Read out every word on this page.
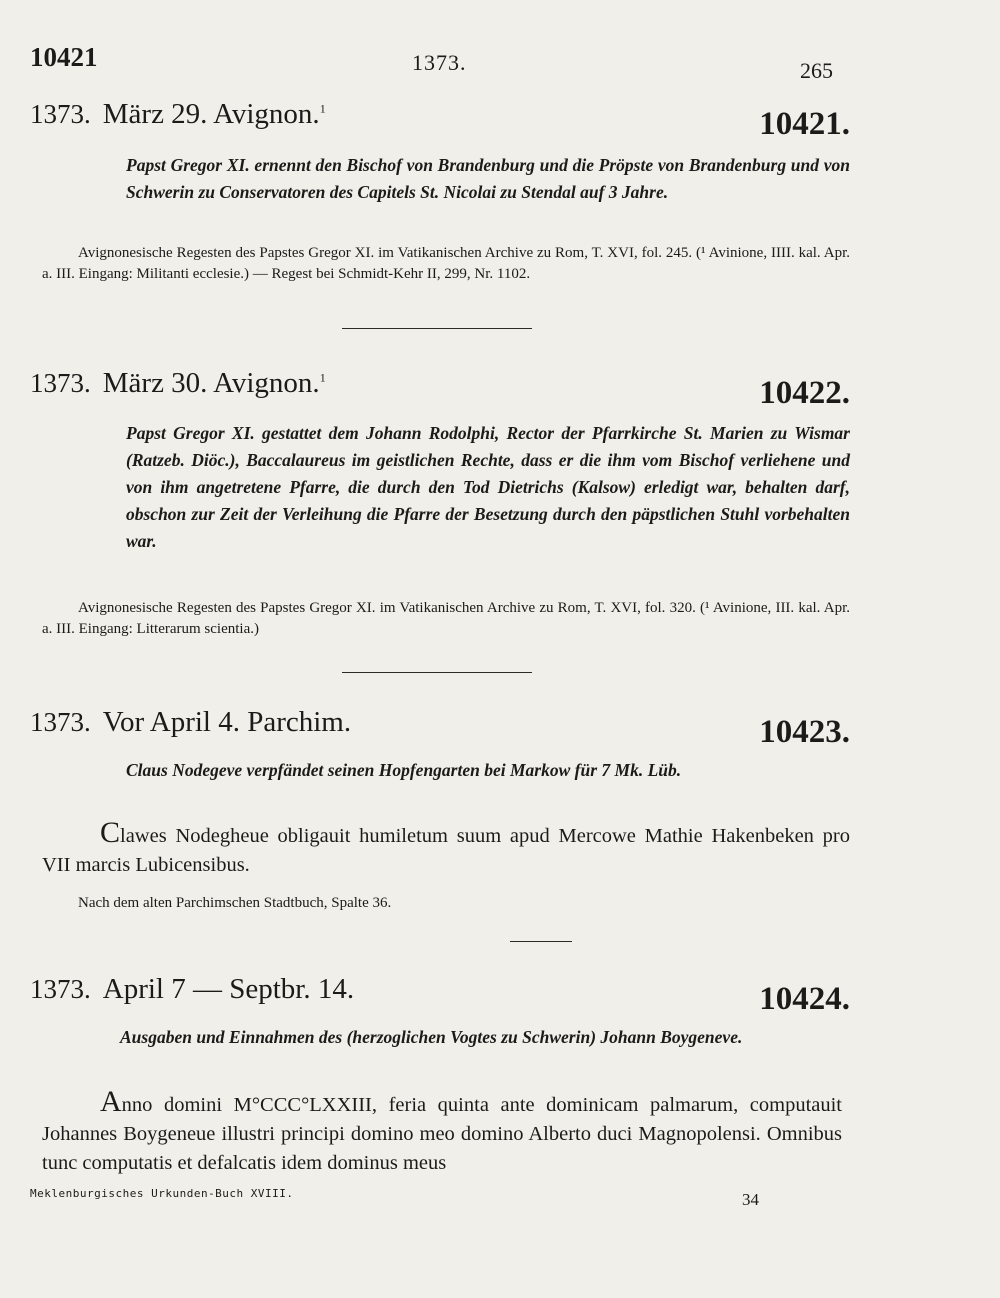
10421	1373.	265
1373. März 29. Avignon.$^1$	10421.
Papst Gregor XI. ernennt den Bischof von Brandenburg und die Pröpste von Brandenburg und von Schwerin zu Conservatoren des Capitels St. Nicolai zu Stendal auf 3 Jahre.
Avignonesische Regesten des Papstes Gregor XI. im Vatikanischen Archive zu Rom, T. XVI, fol. 245. (¹ Avinione, IIII. kal. Apr. a. III. Eingang: Militanti ecclesie.) — Regest bei Schmidt-Kehr II, 299, Nr. 1102.
1373. März 30. Avignon.$^1$	10422.
Papst Gregor XI. gestattet dem Johann Rodolphi, Rector der Pfarrkirche St. Marien zu Wismar (Ratzeb. Diöc.), Baccalaureus im geistlichen Rechte, dass er die ihm vom Bischof verliehene und von ihm angetretene Pfarre, die durch den Tod Dietrichs (Kalsow) erledigt war, behalten darf, obschon zur Zeit der Verleihung die Pfarre der Besetzung durch den päpstlichen Stuhl vorbehalten war.
Avignonesische Regesten des Papstes Gregor XI. im Vatikanischen Archive zu Rom, T. XVI, fol. 320. (¹ Avinione, III. kal. Apr. a. III. Eingang: Litterarum scientia.)
1373. Vor April 4. Parchim.	10423.
Claus Nodegeve verpfändet seinen Hopfengarten bei Markow für 7 Mk. Lüb.
Clawes Nodegheue obligauit humiletum suum apud Mercowe Mathie Hakenbeken pro VII marcis Lubicensibus.
Nach dem alten Parchimschen Stadtbuch, Spalte 36.
1373. April 7 — Septbr. 14.	10424.
Ausgaben und Einnahmen des (herzoglichen Vogtes zu Schwerin) Johann Boygeneve.
Anno domini M°CCC°LXXIII, feria quinta ante dominicam palmarum, computauit Johannes Boygeneue illustri principi domino meo domino Alberto duci Magnopolensi. Omnibus tunc computatis et defalcatis idem dominus meus
Meklenburgisches Urkunden-Buch XVIII.	34
